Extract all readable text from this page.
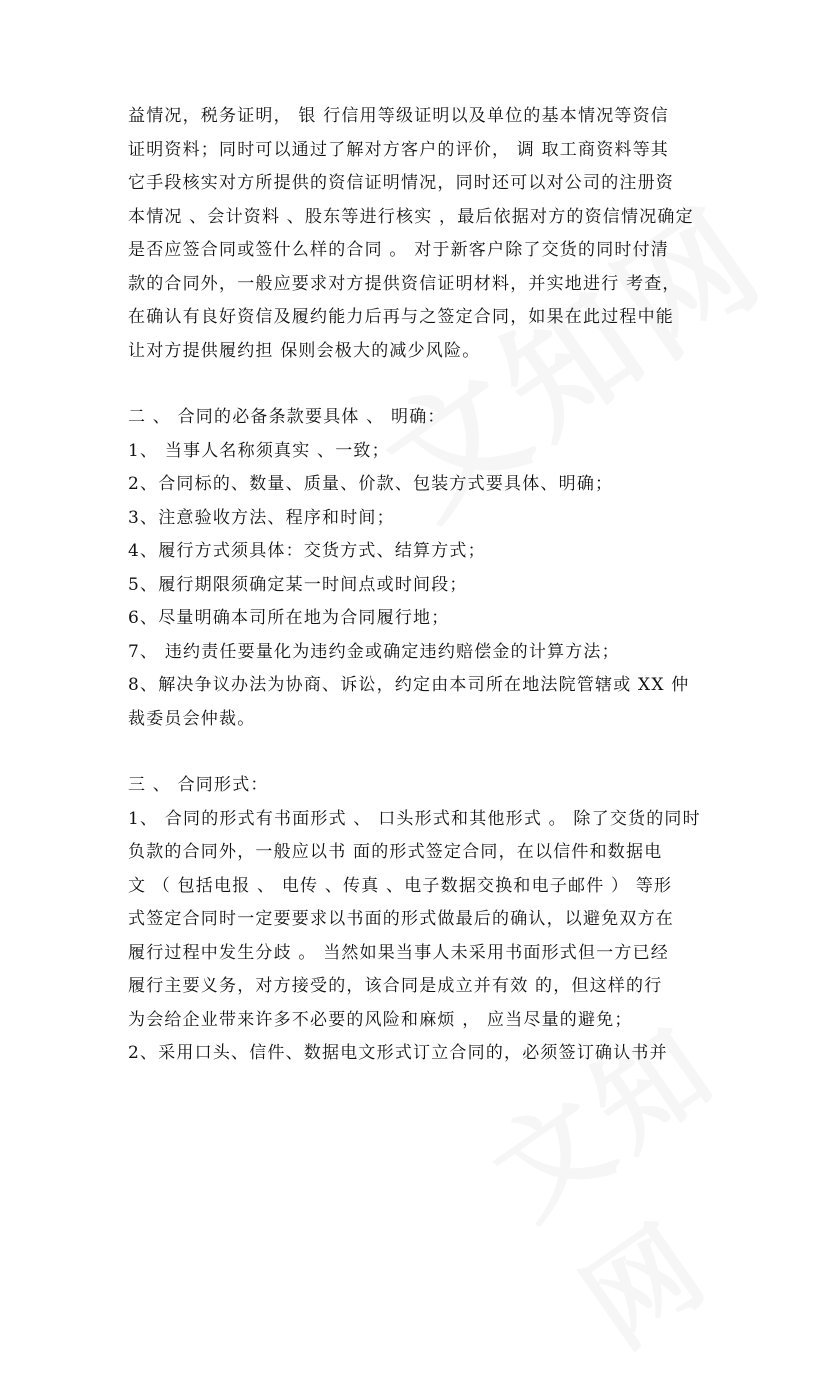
益情况，税务证明， 银 行信用等级证明以及单位的基本情况等资信

证明资料；同时可以通过了解对方客户的评价， 调 取工商资料等其

它手段核实对方所提供的资信证明情况，同时还可以对公司的注册资

本情况 、会计资料 、股东等进行核实 ，最后依据对方的资信情况确定

是否应签合同或签什么样的合同 。 对于新客户除了交货的同时付清

款的合同外，一般应要求对方提供资信证明材料，并实地进行 考查，

在确认有良好资信及履约能力后再与之签定合同，如果在此过程中能

让对方提供履约担 保则会极大的减少风险。

二 、 合同的必备条款要具体 、 明确：

1、 当事人名称须真实 、一致；

2、合同标的、数量、质量、价款、包装方式要具体、明确；

3、注意验收方法、程序和时间；

4、履行方式须具体：交货方式、结算方式；

5、履行期限须确定某一时间点或时间段；

6、尽量明确本司所在地为合同履行地；

7、 违约责任要量化为违约金或确定违约赔偿金的计算方法；

8、解决争议办法为协商、诉讼，约定由本司所在地法院管辖或 XX 仲

裁委员会仲裁。

三 、 合同形式：

1、 合同的形式有书面形式 、 口头形式和其他形式 。 除了交货的同时

负款的合同外，一般应以书 面的形式签定合同，在以信件和数据电

文 （ 包括电报 、 电传 、传真 、电子数据交换和电子邮件 ） 等形

式签定合同时一定要要求以书面的形式做最后的确认，以避免双方在

履行过程中发生分歧 。 当然如果当事人未采用书面形式但一方已经

履行主要义务，对方接受的，该合同是成立并有效 的，但这样的行

为会给企业带来许多不必要的风险和麻烦 ， 应当尽量的避免；

2、采用口头、信件、数据电文形式订立合同的，必须签订确认书并
